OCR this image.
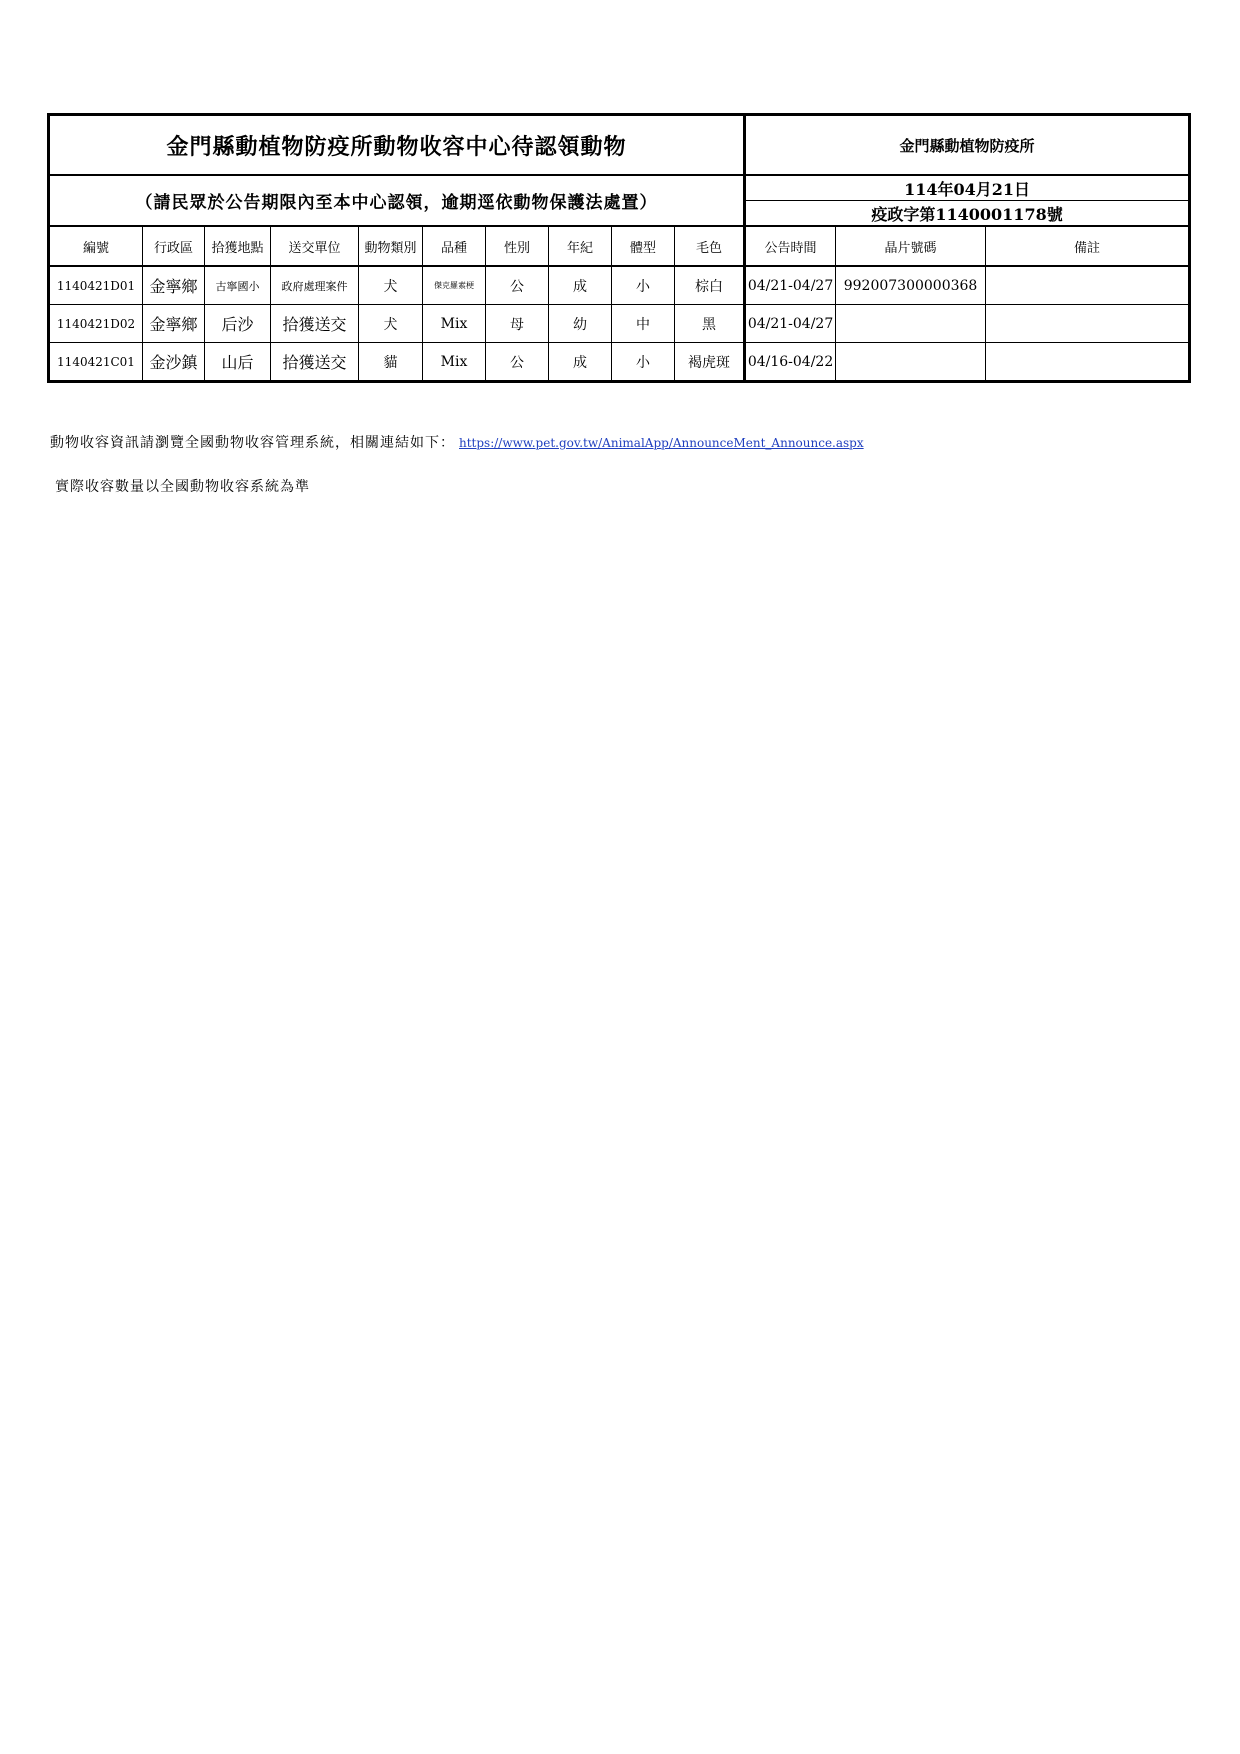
金門縣動植物防疫所動物收容中心待認領動物										金門縣動植物防疫所		
（請民眾於公告期限內至本中心認領，逾期逕依動物保護法處置）										114年04月21日		
										疫政字第1140001178號		
編號	行政區	拾獲地點	送交單位	動物類別	品種	性別	年紀	體型	毛色	公告時間	晶片號碼	備註
1140421D01	金寧鄉	古寧國小	政府處理案件	犬	傑克羅素梗	公	成	小	棕白	04/21-04/27	992007300000368	
1140421D02	金寧鄉	后沙	拾獲送交	犬	Mix	母	幼	中	黑	04/21-04/27		
1140421C01	金沙鎮	山后	拾獲送交	貓	Mix	公	成	小	褐虎斑	04/16-04/22		
動物收容資訊請瀏覽全國動物收容管理系統，相關連結如下： https://www.pet.gov.tw/AnimalApp/AnnounceMent_Announce.aspx
實際收容數量以全國動物收容系統為準
